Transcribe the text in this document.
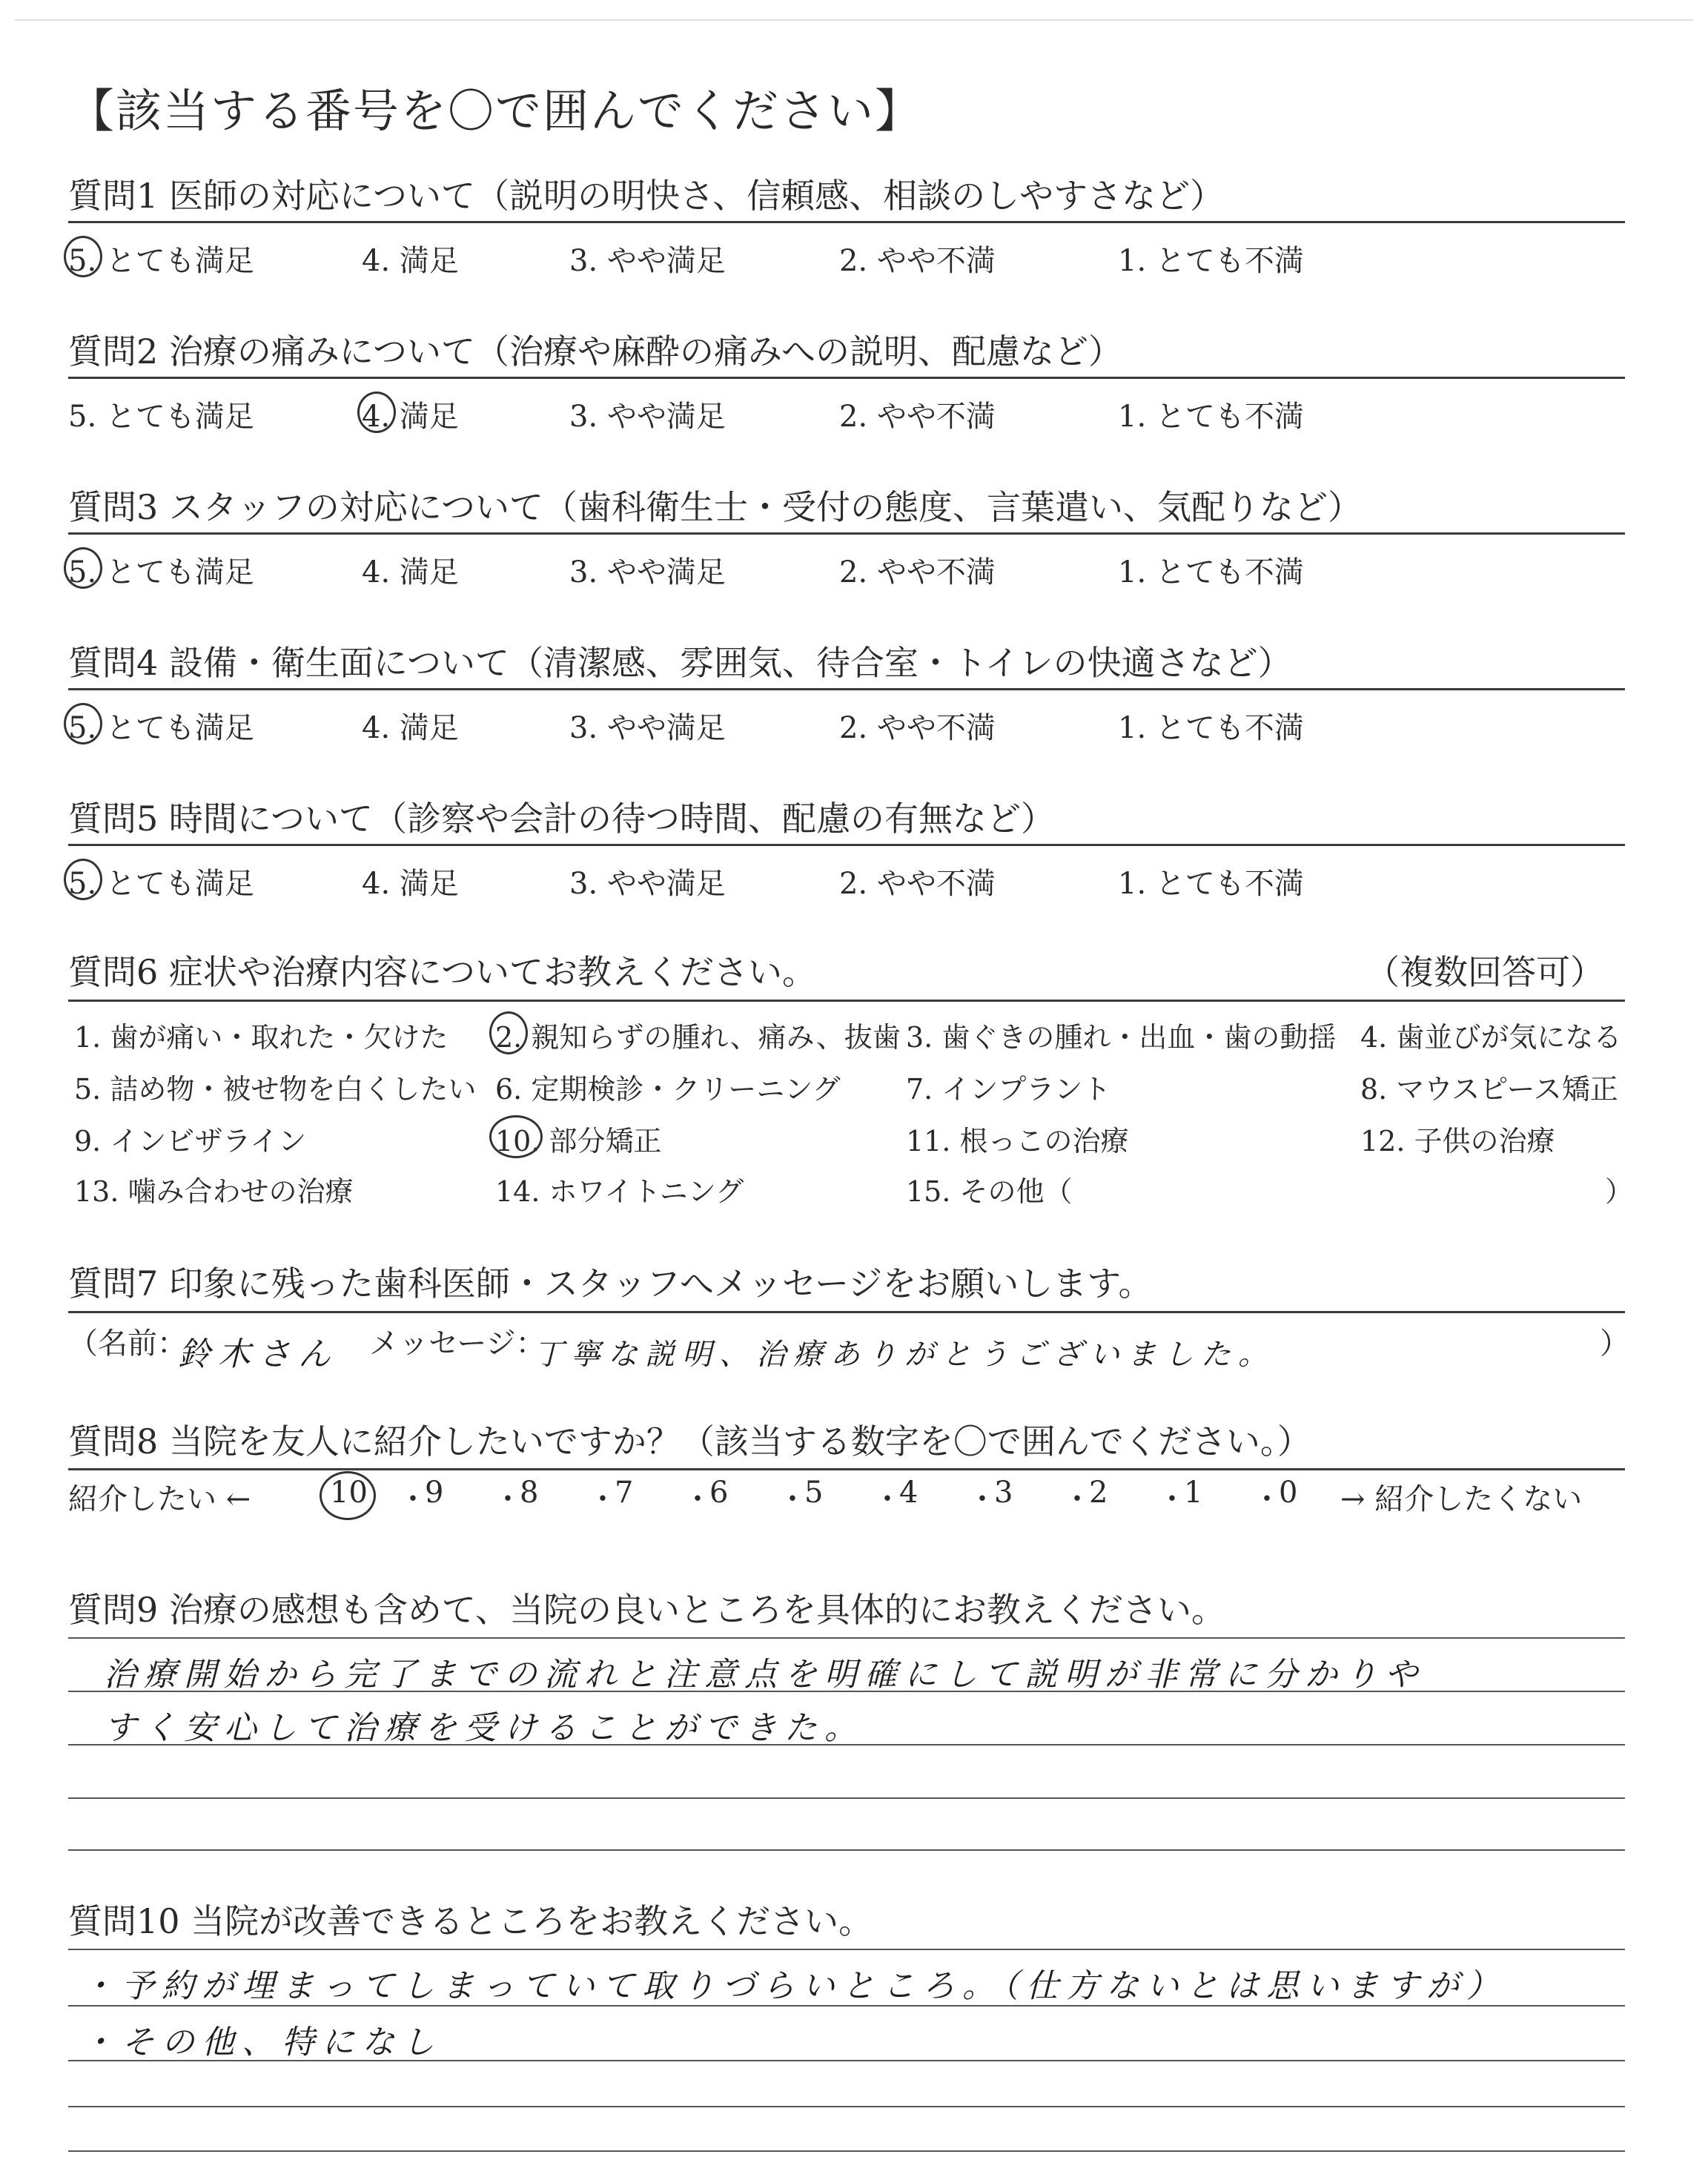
【該当する番号を〇で囲んでください】
質問1 医師の対応について（説明の明快さ、信頼感、相談のしやすさなど）
5. とても満足	4. 満足	3. やや満足	2. やや不満	1. とても不満
質問2 治療の痛みについて（治療や麻酔の痛みへの説明、配慮など）
5. とても満足	4. 満足	3. やや満足	2. やや不満	1. とても不満
質問3 スタッフの対応について（歯科衛生士・受付の態度、言葉遣い、気配りなど）
5. とても満足	4. 満足	3. やや満足	2. やや不満	1. とても不満
質問4 設備・衛生面について（清潔感、雰囲気、待合室・トイレの快適さなど）
5. とても満足	4. 満足	3. やや満足	2. やや不満	1. とても不満
質問5 時間について（診察や会計の待つ時間、配慮の有無など）
5. とても満足	4. 満足	3. やや満足	2. やや不満	1. とても不満
質問6 症状や治療内容についてお教えください。	（複数回答可）
1. 歯が痛い・取れた・欠けた 2. 親知らずの腫れ、痛み、抜歯 3. 歯ぐきの腫れ・出血・歯の動揺 4. 歯並びが気になる
5. 詰め物・被せ物を白くしたい 6. 定期検診・クリーニング 7. インプラント	8. マウスピース矯正
9. インビザライン	10. 部分矯正	11. 根っこの治療	12. 子供の治療
13. 噛み合わせの治療	14. ホワイトニング	15. その他（	）
質問7 印象に残った歯科医師・スタッフへメッセージをお願いします。
（名前：
鈴木さん メッセージ：
丁寧な説明、治療ありがとうございました。	）
質問8 当院を友人に紹介したいですか？（該当する数字を〇で囲んでください。）
紹介したい ←	10 ・
9 ・
8 ・
7 ・
6 ・
5 ・
4 ・
3 ・
2 ・
1 ・
0 → 紹介したくない
質問9 治療の感想も含めて、当院の良いところを具体的にお教えください。
治療開始から完了までの流れと注意点を明確にして説明が非常に分かりや
すく安心して治療を受けることができた。
質問10 当院が改善できるところをお教えください。
・予約が埋まってしまっていて取りづらいところ。（仕方ないとは思いますが）
・その他、特になし
